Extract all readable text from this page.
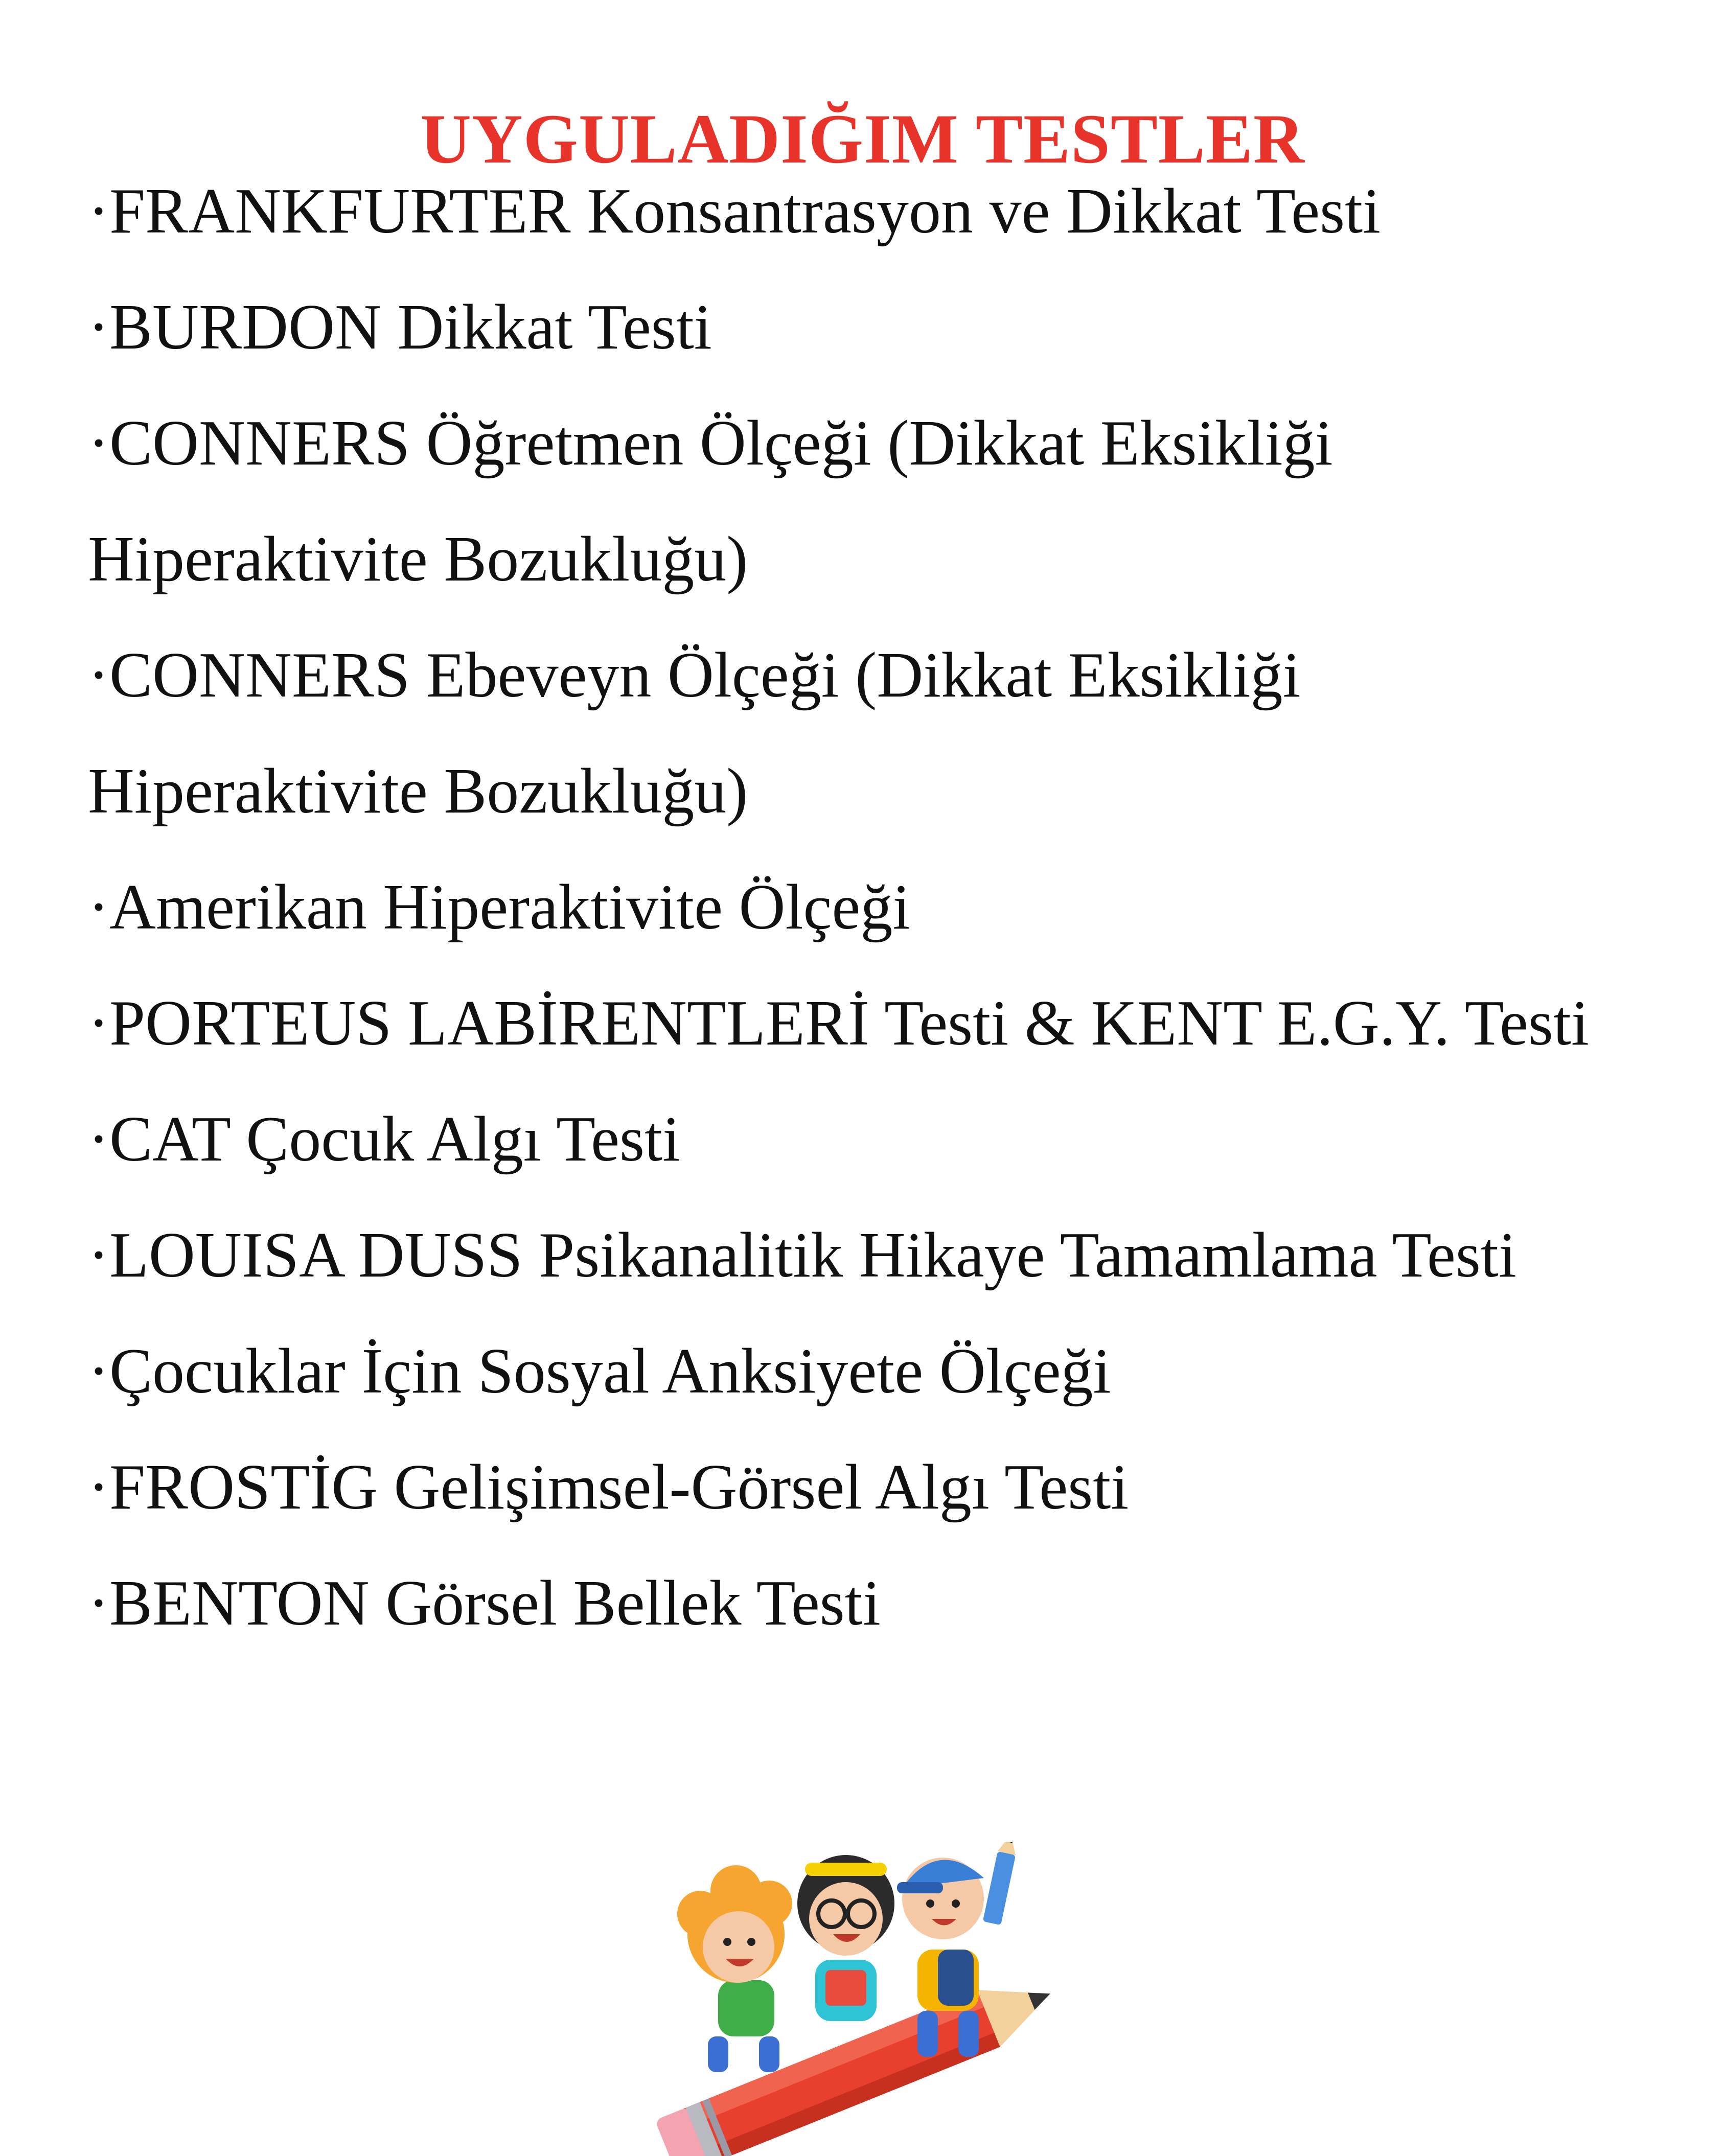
UYGULADIĞIM TESTLER
·FRANKFURTER Konsantrasyon ve Dikkat Testi
·BURDON Dikkat Testi
·CONNERS Öğretmen Ölçeği (Dikkat Eksikliği Hiperaktivite Bozukluğu)
·CONNERS Ebeveyn Ölçeği (Dikkat Eksikliği Hiperaktivite Bozukluğu)
·Amerikan Hiperaktivite Ölçeği
·PORTEUS LABİRENTLERİ Testi & KENT E.G.Y. Testi
·CAT Çocuk Algı Testi
·LOUISA DUSS Psikanalitik Hikaye Tamamlama Testi
·Çocuklar İçin Sosyal Anksiyete Ölçeği
·FROSTİG Gelişimsel-Görsel Algı Testi
·BENTON Görsel Bellek Testi
